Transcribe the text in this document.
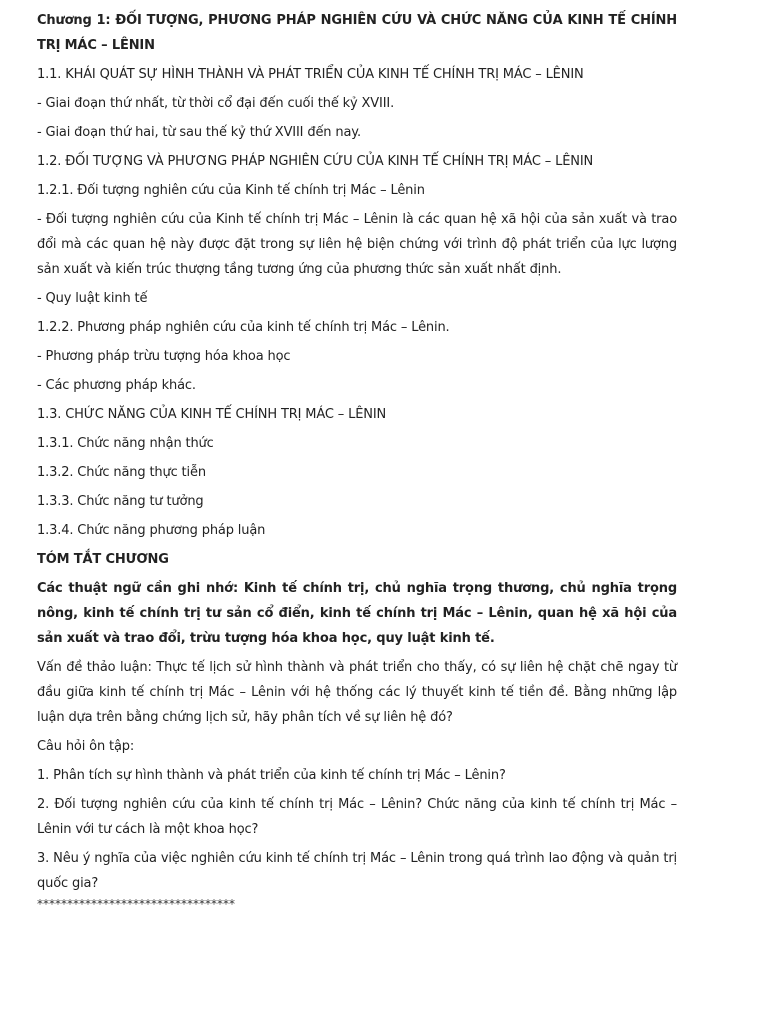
Chương 1: ĐỐI TƯỢNG, PHƯƠNG PHÁP NGHIÊN CỨU VÀ CHỨC NĂNG CỦA KINH TẾ CHÍNH TRỊ MÁC – LÊNIN

1.1. KHÁI QUÁT SỰ HÌNH THÀNH VÀ PHÁT TRIỂN CỦA KINH TẾ CHÍNH TRỊ MÁC – LÊNIN

- Giai đoạn thứ nhất, từ thời cổ đại đến cuối thế kỷ XVIII.

- Giai đoạn thứ hai, từ sau thế kỷ thứ XVIII đến nay.

1.2. ĐỐI TƯỢNG VÀ PHƯƠNG PHÁP NGHIÊN CỨU CỦA KINH TẾ CHÍNH TRỊ MÁC – LÊNIN

1.2.1. Đối tượng nghiên cứu của Kinh tế chính trị Mác – Lênin

- Đối tượng nghiên cứu của Kinh tế chính trị Mác – Lênin là các quan hệ xã hội của sản xuất và trao đổi mà các quan hệ này được đặt trong sự liên hệ biện chứng với trình độ phát triển của lực lượng sản xuất và kiến trúc thượng tầng tương ứng của phương thức sản xuất nhất định.

- Quy luật kinh tế

1.2.2. Phương pháp nghiên cứu của kinh tế chính trị Mác – Lênin.

- Phương pháp trừu tượng hóa khoa học

- Các phương pháp khác.

1.3. CHỨC NĂNG CỦA KINH TẾ CHÍNH TRỊ MÁC – LÊNIN

1.3.1. Chức năng nhận thức

1.3.2. Chức năng thực tiễn

1.3.3. Chức năng tư tưởng

1.3.4. Chức năng phương pháp luận

TÓM TẮT CHƯƠNG

Các thuật ngữ cần ghi nhớ: Kinh tế chính trị, chủ nghĩa trọng thương, chủ nghĩa trọng nông, kinh tế chính trị tư sản cổ điển, kinh tế chính trị Mác – Lênin, quan hệ xã hội của sản xuất và trao đổi, trừu tượng hóa khoa học, quy luật kinh tế.

Vấn đề thảo luận: Thực tế lịch sử hình thành và phát triển cho thấy, có sự liên hệ chặt chẽ ngay từ đầu giữa kinh tế chính trị Mác – Lênin với hệ thống các lý thuyết kinh tế tiền đề. Bằng những lập luận dựa trên bằng chứng lịch sử, hãy phân tích về sự liên hệ đó?

Câu hỏi ôn tập:

1. Phân tích sự hình thành và phát triển của kinh tế chính trị Mác – Lênin?

2. Đối tượng nghiên cứu của kinh tế chính trị Mác – Lênin? Chức năng của kinh tế chính trị Mác – Lênin với tư cách là một khoa học?

3. Nêu ý nghĩa của việc nghiên cứu kinh tế chính trị Mác – Lênin trong quá trình lao động và quản trị quốc gia?

*********************************
